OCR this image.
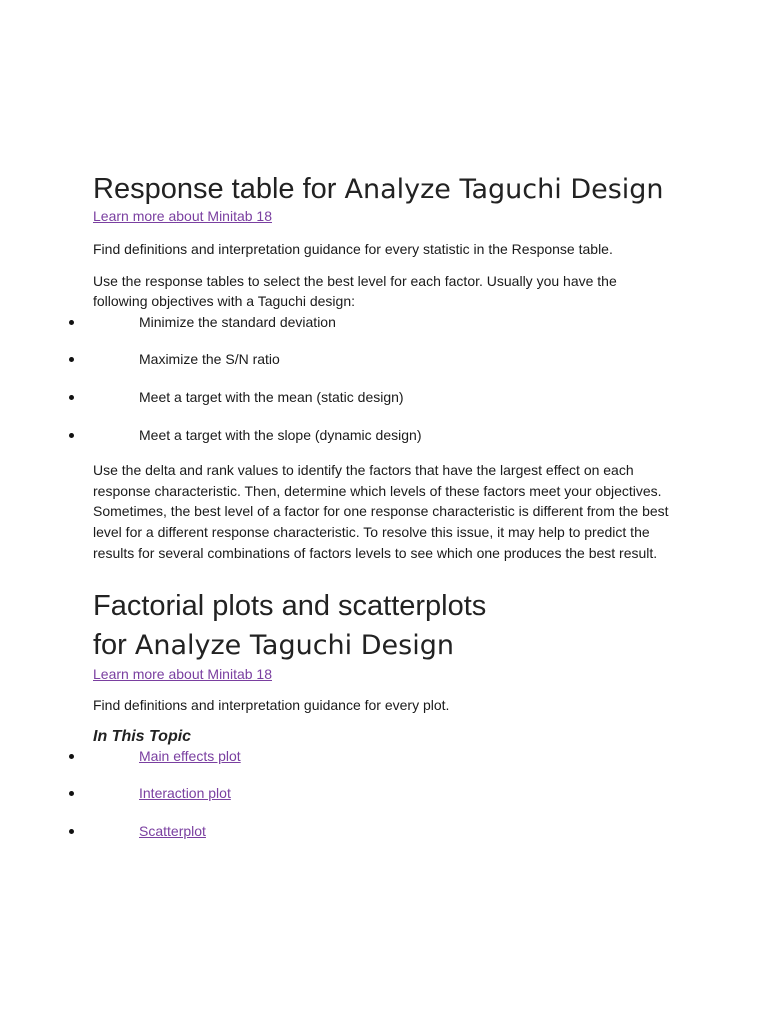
Response table for Analyze Taguchi Design
Learn more about Minitab 18

Find definitions and interpretation guidance for every statistic in the Response table.

Use the response tables to select the best level for each factor. Usually you have the following objectives with a Taguchi design:

Minimize the standard deviation
Maximize the S/N ratio
Meet a target with the mean (static design)
Meet a target with the slope (dynamic design)

Use the delta and rank values to identify the factors that have the largest effect on each response characteristic. Then, determine which levels of these factors meet your objectives. Sometimes, the best level of a factor for one response characteristic is different from the best level for a different response characteristic. To resolve this issue, it may help to predict the results for several combinations of factors levels to see which one produces the best result.

Factorial plots and scatterplots
for Analyze Taguchi Design
Learn more about Minitab 18

Find definitions and interpretation guidance for every plot.

In This Topic
Main effects plot
Interaction plot
Scatterplot
